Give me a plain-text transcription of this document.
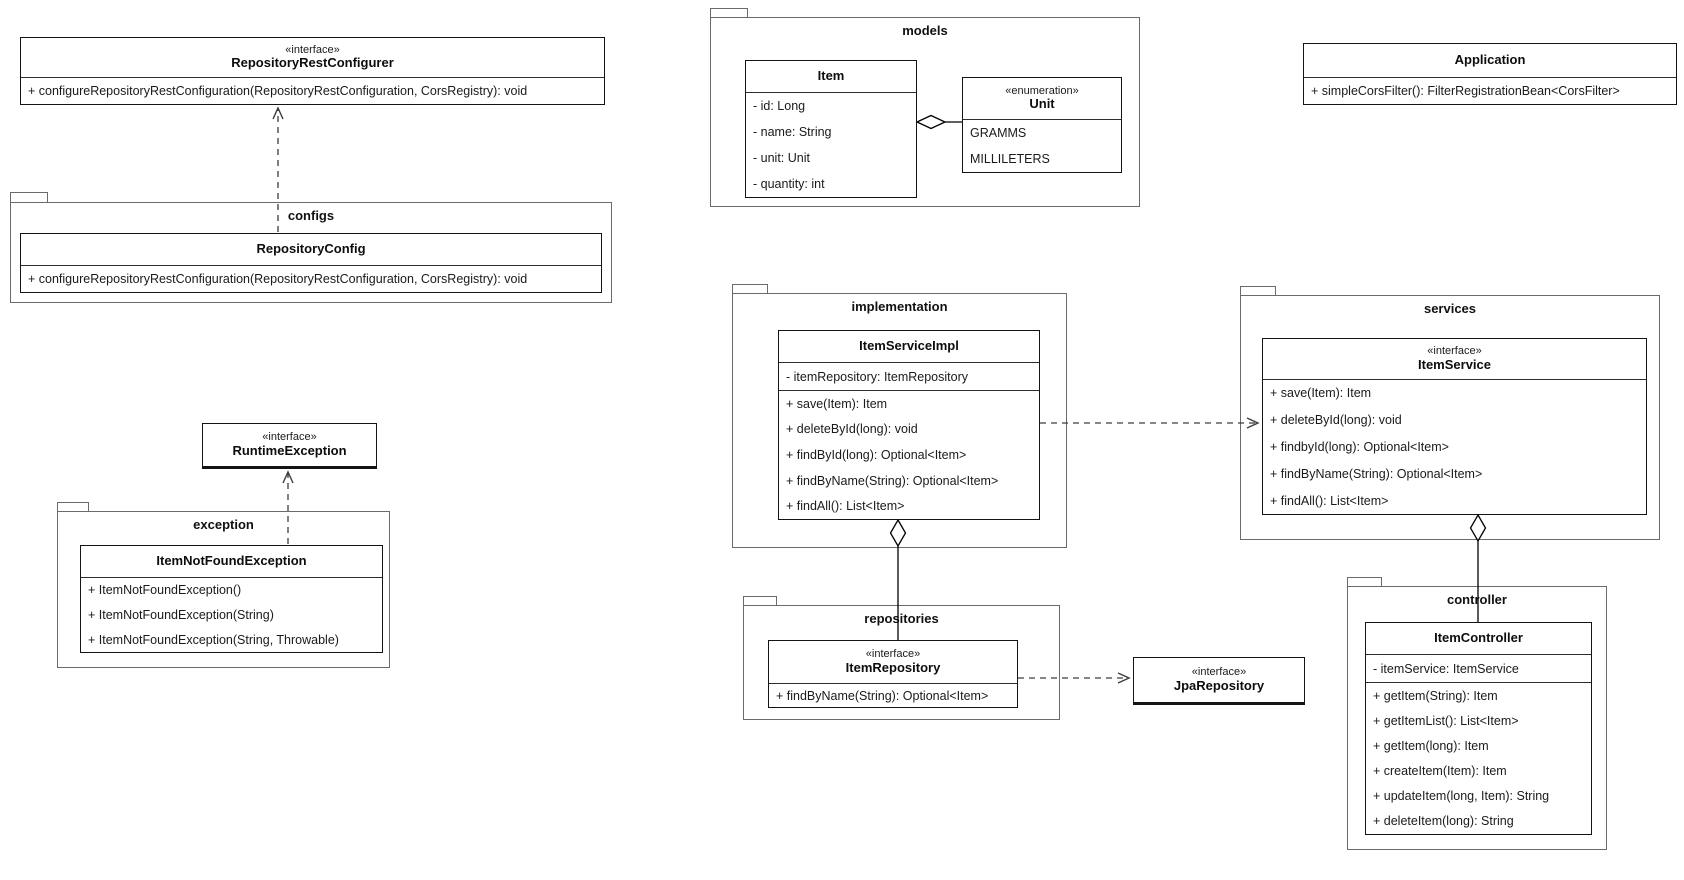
configs
exception
models
implementation	services
repositories
controller
«interface»
RepositoryRestConfigurer
+ configureRepositoryRestConfiguration(RepositoryRestConfiguration, CorsRegistry): void
RepositoryConfig
+ configureRepositoryRestConfiguration(RepositoryRestConfiguration, CorsRegistry): void
«interface»
RuntimeException
ItemNotFoundException
+ ItemNotFoundException()
+ ItemNotFoundException(String)
+ ItemNotFoundException(String, Throwable)
Item
- id: Long
- name: String
- unit: Unit
- quantity: int
«enumeration»
Unit
GRAMMS
MILLILETERS
Application
+ simpleCorsFilter(): FilterRegistrationBean<CorsFilter>
ItemServiceImpl
- itemRepository: ItemRepository
+ save(Item): Item
+ deleteById(long): void
+ findById(long): Optional<Item>
+ findByName(String): Optional<Item>
+ findAll(): List<Item>
«interface»
ItemService
+ save(Item): Item
+ deleteById(long): void
+ findbyId(long): Optional<Item>
+ findByName(String): Optional<Item>
+ findAll(): List<Item>
«interface»
ItemRepository
+ findByName(String): Optional<Item>
«interface»
JpaRepository
ItemController
- itemService: ItemService
+ getItem(String): Item
+ getItemList(): List<Item>
+ getItem(long): Item
+ createItem(Item): Item
+ updateItem(long, Item): String
+ deleteItem(long): String
